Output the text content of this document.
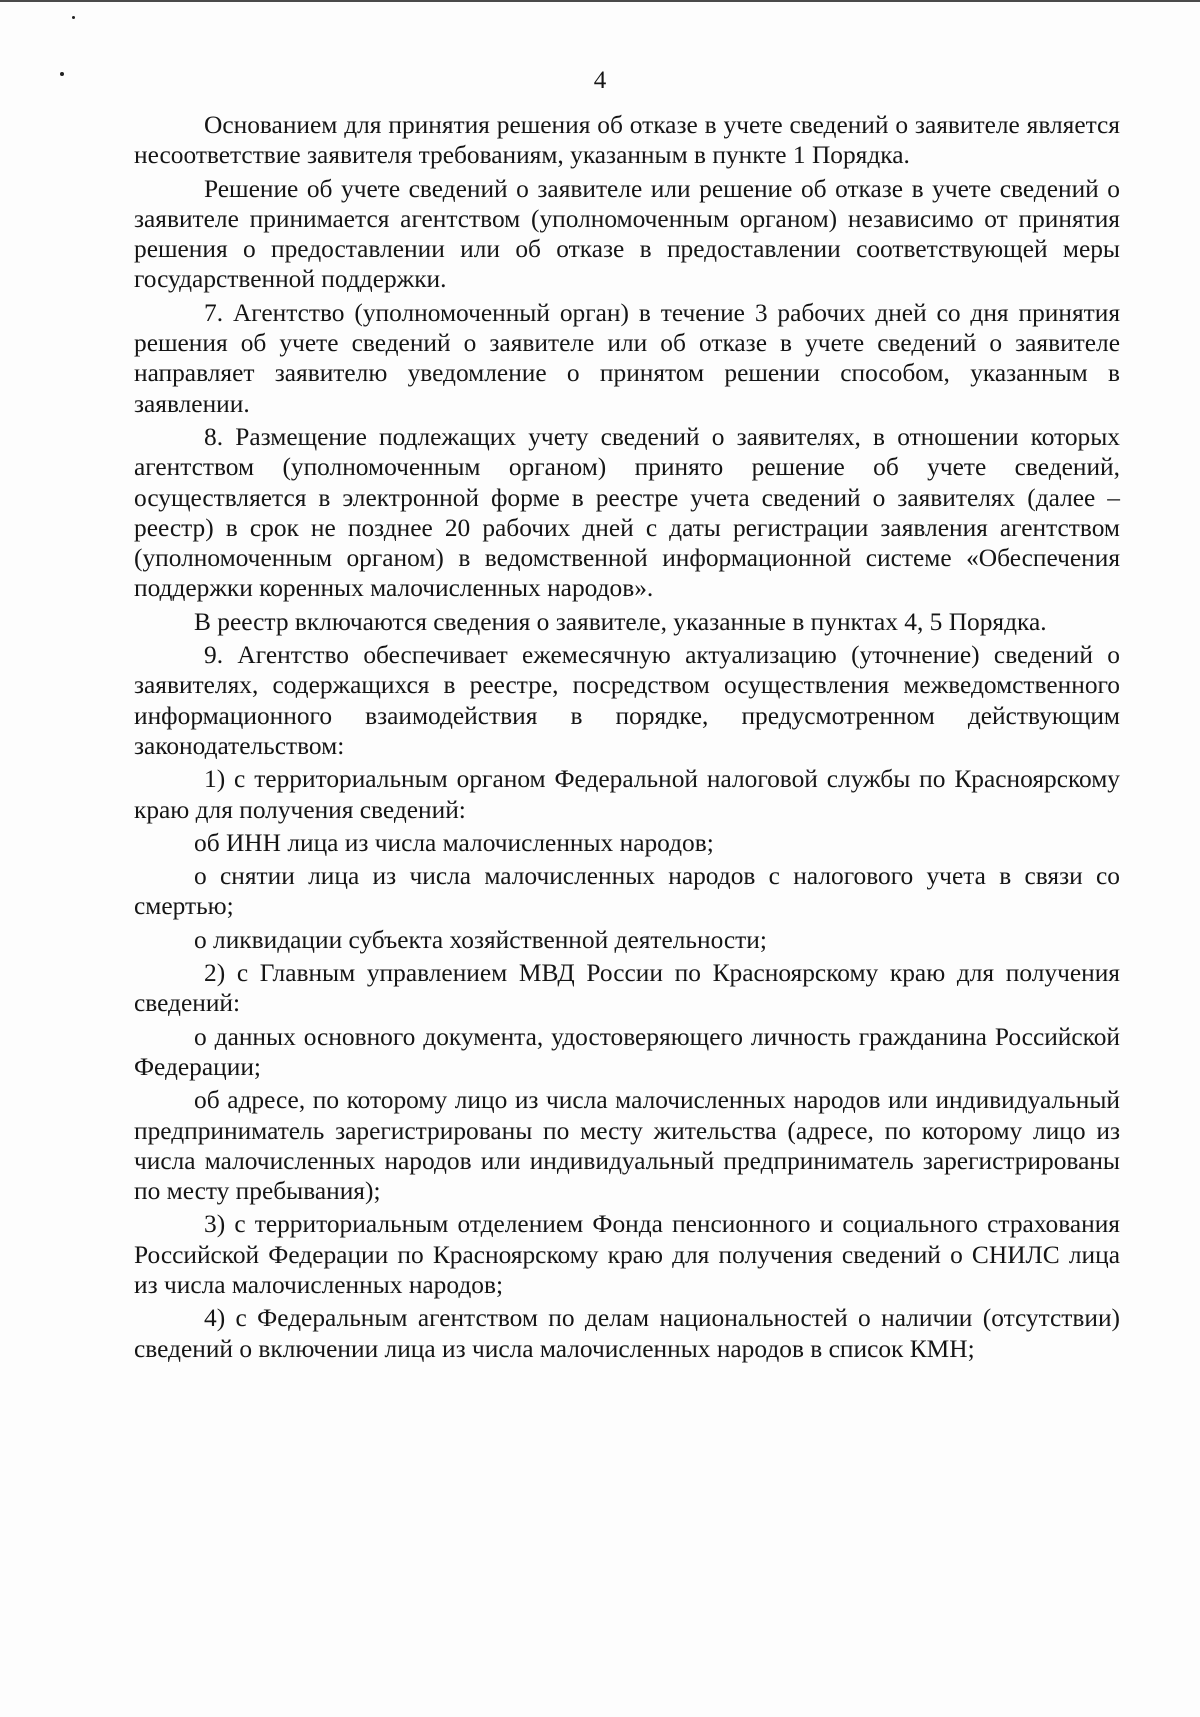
4

Основанием для принятия решения об отказе в учете сведений о заявителе является несоответствие заявителя требованиям, указанным в пункте 1 Порядка.

Решение об учете сведений о заявителе или решение об отказе в учете сведений о заявителе принимается агентством (уполномоченным органом) независимо от принятия решения о предоставлении или об отказе в предоставлении соответствующей меры государственной поддержки.

7. Агентство (уполномоченный орган) в течение 3 рабочих дней со дня принятия решения об учете сведений о заявителе или об отказе в учете сведений о заявителе направляет заявителю уведомление о принятом решении способом, указанным в заявлении.

8. Размещение подлежащих учету сведений о заявителях, в отношении которых агентством (уполномоченным органом) принято решение об учете сведений, осуществляется в электронной форме в реестре учета сведений о заявителях (далее – реестр) в срок не позднее 20 рабочих дней с даты регистрации заявления агентством (уполномоченным органом) в ведомственной информационной системе «Обеспечения поддержки коренных малочисленных народов».

В реестр включаются сведения о заявителе, указанные в пунктах 4, 5 Порядка.

9. Агентство обеспечивает ежемесячную актуализацию (уточнение) сведений о заявителях, содержащихся в реестре, посредством осуществления межведомственного информационного взаимодействия в порядке, предусмотренном действующим законодательством:

1) с территориальным органом Федеральной налоговой службы по Красноярскому краю для получения сведений:

об ИНН лица из числа малочисленных народов;

о снятии лица из числа малочисленных народов с налогового учета в связи со смертью;

о ликвидации субъекта хозяйственной деятельности;

2) с Главным управлением МВД России по Красноярскому краю для получения сведений:

о данных основного документа, удостоверяющего личность гражданина Российской Федерации;

об адресе, по которому лицо из числа малочисленных народов или индивидуальный предприниматель зарегистрированы по месту жительства (адресе, по которому лицо из числа малочисленных народов или индивидуальный предприниматель зарегистрированы по месту пребывания);

3) с территориальным отделением Фонда пенсионного и социального страхования Российской Федерации по Красноярскому краю для получения сведений о СНИЛС лица из числа малочисленных народов;

4) с Федеральным агентством по делам национальностей о наличии (отсутствии) сведений о включении лица из числа малочисленных народов в список КМН;
